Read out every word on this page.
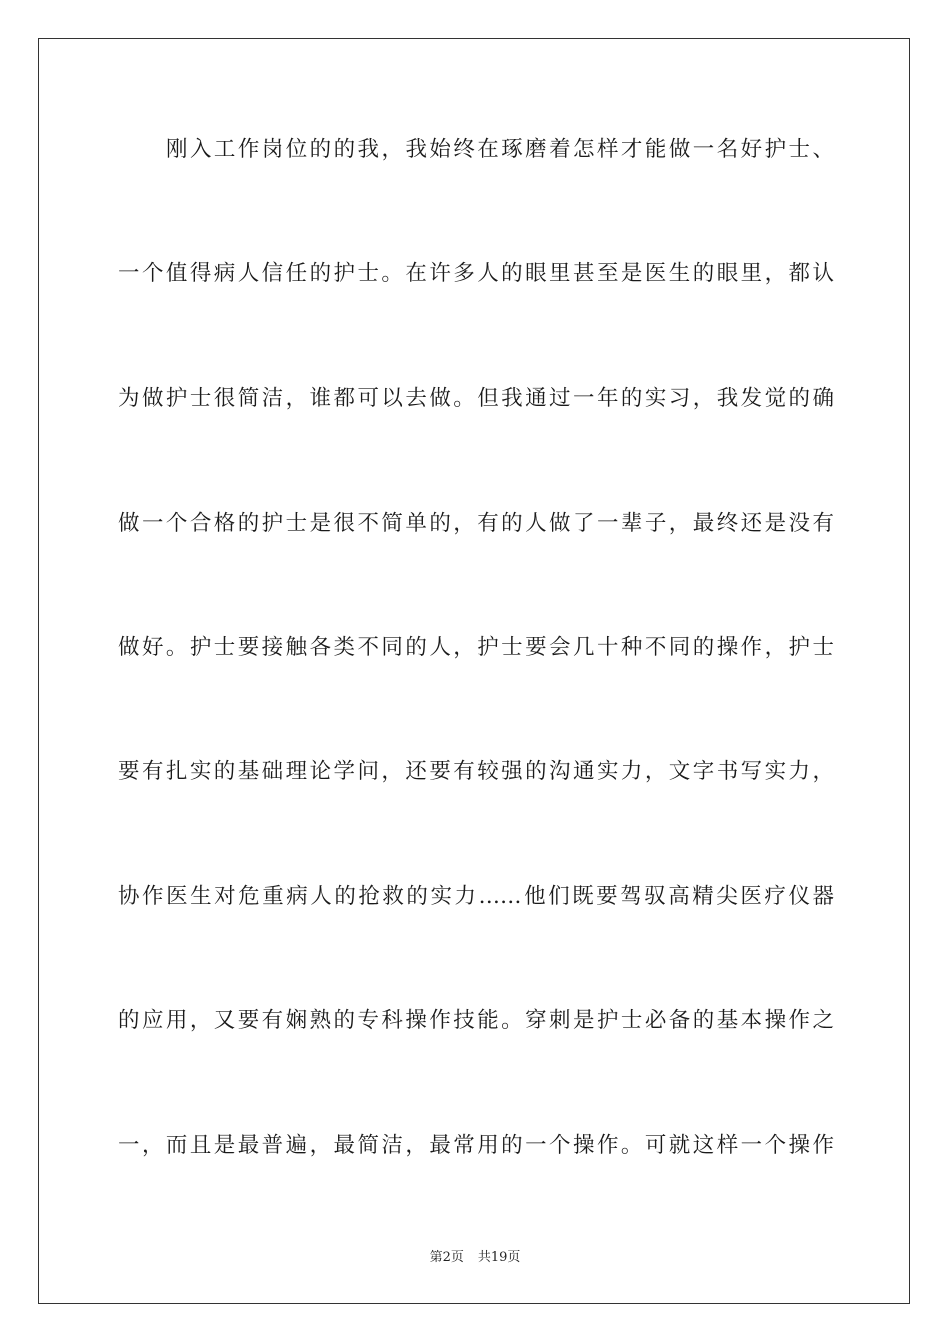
刚入工作岗位的的我，我始终在琢磨着怎样才能做一名好护士、
一个值得病人信任的护士。在许多人的眼里甚至是医生的眼里，都认
为做护士很简洁，谁都可以去做。但我通过一年的实习，我发觉的确
做一个合格的护士是很不简单的，有的人做了一辈子，最终还是没有
做好。护士要接触各类不同的人，护士要会几十种不同的操作，护士
要有扎实的基础理论学问，还要有较强的沟通实力，文字书写实力，
协作医生对危重病人的抢救的实力……他们既要驾驭高精尖医疗仪器
的应用，又要有娴熟的专科操作技能。穿刺是护士必备的基本操作之
一，而且是最普遍，最简洁，最常用的一个操作。可就这样一个操作
第2页 共19页
